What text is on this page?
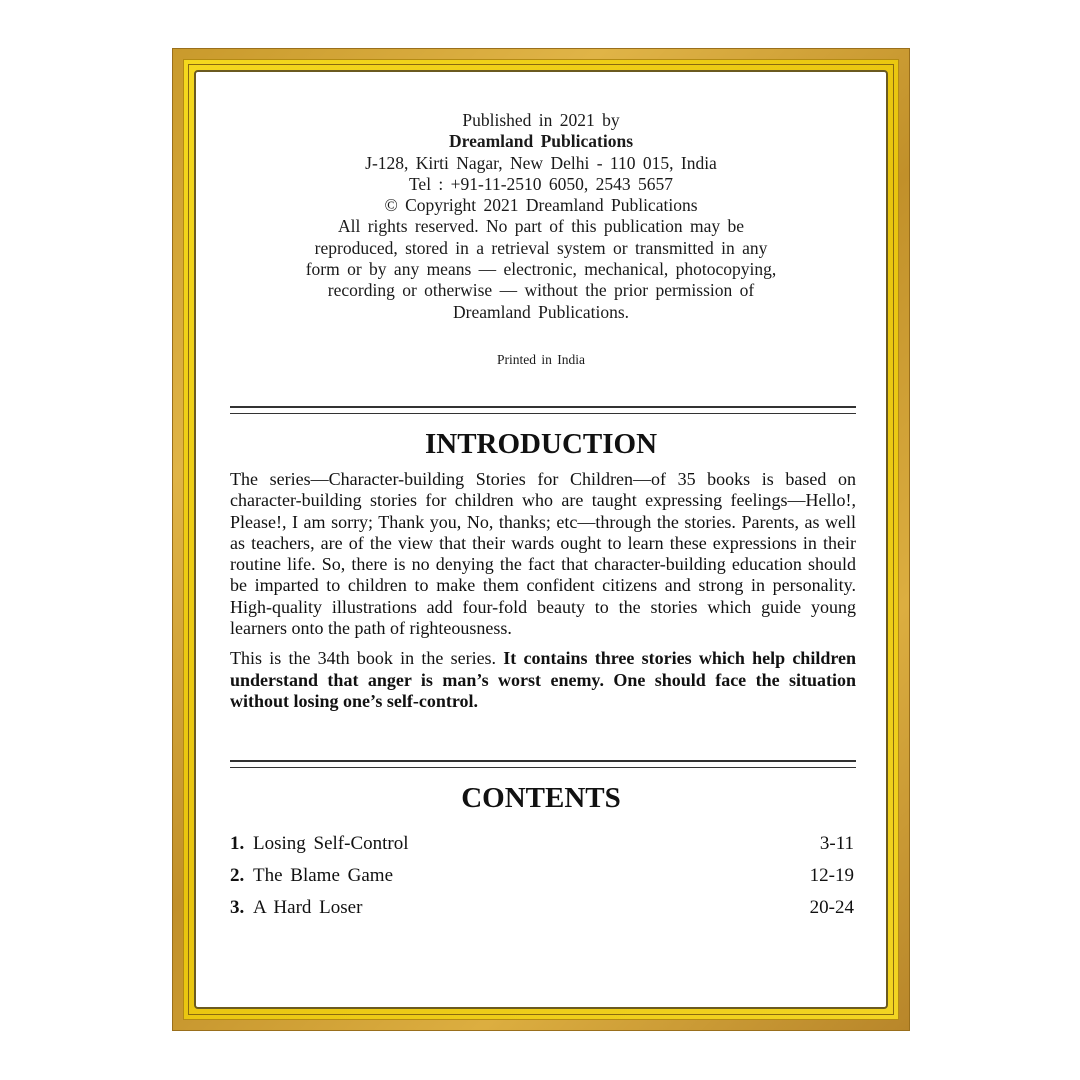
Published in 2021 by
Dreamland Publications
J-128, Kirti Nagar, New Delhi - 110 015, India
Tel : +91-11-2510 6050, 2543 5657
© Copyright 2021 Dreamland Publications
All rights reserved. No part of this publication may be reproduced, stored in a retrieval system or transmitted in any form or by any means — electronic, mechanical, photocopying, recording or otherwise — without the prior permission of Dreamland Publications.
Printed in India
INTRODUCTION

The series—Character-building Stories for Children—of 35 books is based on character-building stories for children who are taught expressing feelings—Hello!, Please!, I am sorry; Thank you, No, thanks; etc—through the stories. Parents, as well as teachers, are of the view that their wards ought to learn these expressions in their routine life. So, there is no denying the fact that character-building education should be imparted to children to make them confident citizens and strong in personality. High-quality illustrations add four-fold beauty to the stories which guide young learners onto the path of righteousness.

This is the 34th book in the series. It contains three stories which help children understand that anger is man’s worst enemy. One should face the situation without losing one’s self-control.

CONTENTS
1. Losing Self-Control	3-11
2. The Blame Game	12-19
3. A Hard Loser	20-24
